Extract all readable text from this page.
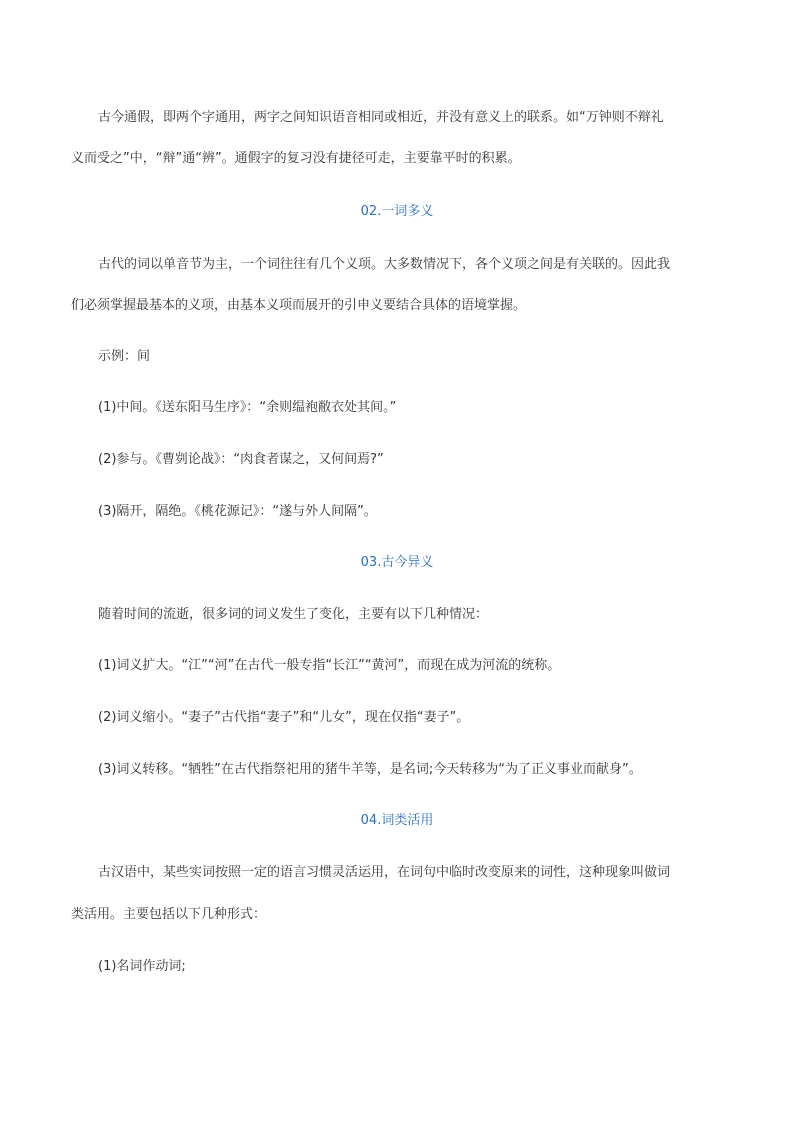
古今通假，即两个字通用，两字之间知识语音相同或相近，并没有意义上的联系。如“万钟则不辩礼
义而受之”中，“辩”通“辨”。通假字的复习没有捷径可走，主要靠平时的积累。
02.一词多义
古代的词以单音节为主，一个词往往有几个义项。大多数情况下，各个义项之间是有关联的。因此我
们必须掌握最基本的义项，由基本义项而展开的引申义要结合具体的语境掌握。
示例：间
(1)中间。《送东阳马生序》：“余则缊袍敝衣处其间。”
(2)参与。《曹刿论战》：“肉食者谋之，又何间焉?”
(3)隔开，隔绝。《桃花源记》：“遂与外人间隔”。
03.古今异义
随着时间的流逝，很多词的词义发生了变化，主要有以下几种情况：
(1)词义扩大。“江”“河”在古代一般专指“长江”“黄河”，而现在成为河流的统称。
(2)词义缩小。“妻子”古代指“妻子”和“儿女”，现在仅指“妻子”。
(3)词义转移。“牺牲”在古代指祭祀用的猪牛羊等，是名词;今天转移为“为了正义事业而献身”。
04.词类活用
古汉语中，某些实词按照一定的语言习惯灵活运用，在词句中临时改变原来的词性，这种现象叫做词
类活用。主要包括以下几种形式：
(1)名词作动词;
